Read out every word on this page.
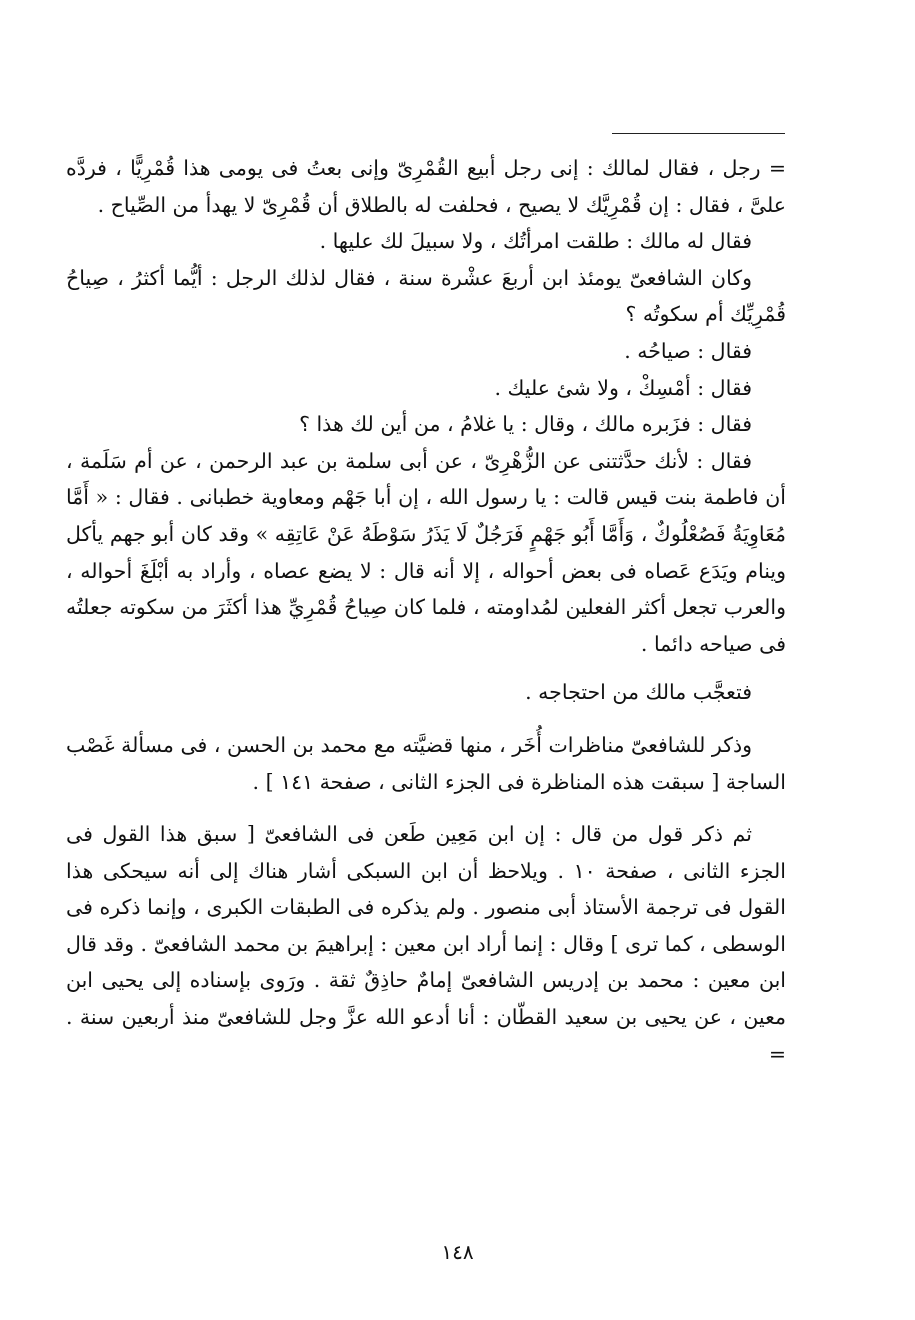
= رجل ، فقال لمالك : إنى رجل أبيع القُمْرِىّ وإنى بعتُ فى يومى هذا قُمْرِيًّا ، فردَّه علىَّ ، فقال : إن قُمْرِيَّك لا يصيح ، فحلفت له بالطلاق أن قُمْرِىّ لا يهدأ من الصِّياح .

فقال له مالك : طلقت امرأتُك ، ولا سبيلَ لك عليها .

وكان الشافعىّ يومئذ ابن أربعَ عشْرة سنة ، فقال لذلك الرجل : أيُّما أكثرُ ، صِياحُ قُمْرِيِّك أم سكوتُه ؟

فقال : صياحُه .

فقال : أمْسِكْ ، ولا شئ عليك .

فقال : فزَبره مالك ، وقال : يا غلامُ ، من أين لك هذا ؟

فقال : لأنك حدَّثتنى عن الزُّهْرِىّ ، عن أبى سلمة بن عبد الرحمن ، عن أم سَلَمة ، أن فاطمة بنت قيس قالت : يا رسول الله ، إن أبا جَهْم ومعاوية خطبانى . فقال : « أَمَّا مُعَاوِيَةُ فَصُعْلُوكٌ ، وَأَمَّا أَبُو جَهْمٍ فَرَجُلٌ لَا يَذَرُ سَوْطَهُ عَنْ عَاتِقِه » وقد كان أبو جهم يأكل وينام ويَدَع عَصاه فى بعض أحواله ، إلا أنه قال : لا يضع عصاه ، وأراد به أبْلَغَ أحواله ، والعرب تجعل أكثر الفعلين لمُداومته ، فلما كان صِياحُ قُمْرِيِّ هذا أكثَرَ من سكوته جعلتُه فى صياحه دائما .

فتعجَّب مالك من احتجاجه .

وذكر للشافعىّ مناظرات أُخَر ، منها قضيَّته مع محمد بن الحسن ، فى مسألة غَصْب الساجة [ سبقت هذه المناظرة فى الجزء الثانى ، صفحة ١٤١ ] .

ثم ذكر قول من قال : إن ابن مَعِين طَعن فى الشافعىّ [ سبق هذا القول فى الجزء الثانى ، صفحة ١٠ . ويلاحظ أن ابن السبكى أشار هناك إلى أنه سيحكى هذا القول فى ترجمة الأستاذ أبى منصور . ولم يذكره فى الطبقات الكبرى ، وإنما ذكره فى الوسطى ، كما ترى ] وقال : إنما أراد ابن معين : إبراهيمَ بن محمد الشافعىّ . وقد قال ابن معين : محمد بن إدريس الشافعىّ إمامٌ حاذِقٌ ثقة . ورَوى بإسناده إلى يحيى ابن معين ، عن يحيى بن سعيد القطّان : أنا أدعو الله عزَّ وجل للشافعىّ منذ أربعين سنة . =

١٤٨
